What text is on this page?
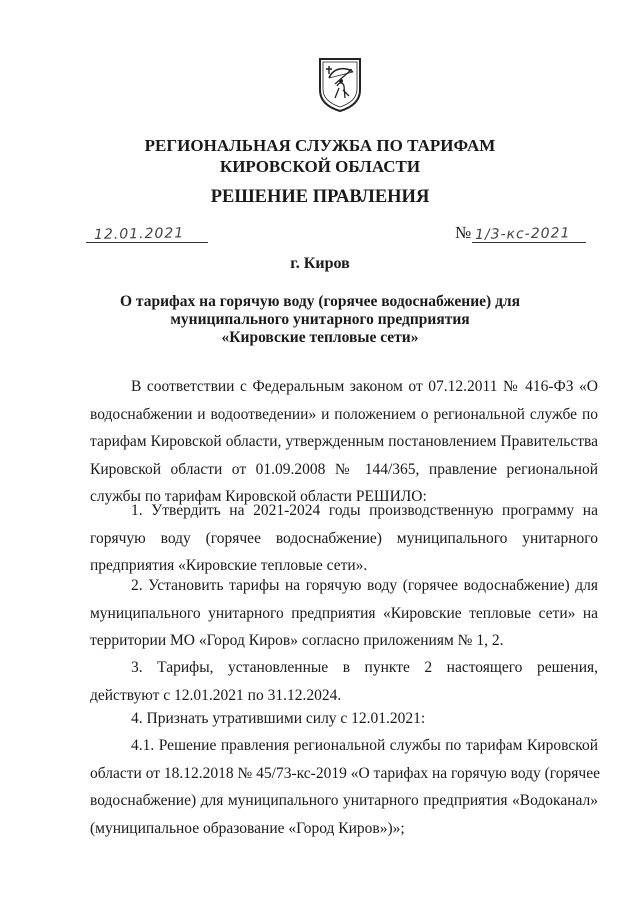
РЕГИОНАЛЬНАЯ СЛУЖБА ПО ТАРИФАМ
КИРОВСКОЙ ОБЛАСТИ
РЕШЕНИЕ ПРАВЛЕНИЯ
12.01.2021	№ 1/3-кс-2021
г. Киров
О тарифах на горячую воду (горячее водоснабжение) для
муниципального унитарного предприятия
«Кировские тепловые сети»
В соответствии с Федеральным законом от 07.12.2011 № 416-ФЗ «О
водоснабжении и водоотведении» и положением о региональной службе по
тарифам Кировской области, утвержденным постановлением Правительства
Кировской области от 01.09.2008 № 144/365, правление региональной
службы по тарифам Кировской области РЕШИЛО:
1. Утвердить на 2021-2024 годы производственную программу на
горячую воду (горячее водоснабжение) муниципального унитарного
предприятия «Кировские тепловые сети».
2. Установить тарифы на горячую воду (горячее водоснабжение) для
муниципального унитарного предприятия «Кировские тепловые сети» на
территории МО «Город Киров» согласно приложениям № 1, 2.
3. Тарифы, установленные в пункте 2 настоящего решения,
действуют с 12.01.2021 по 31.12.2024.
4. Признать утратившими силу с 12.01.2021:
4.1. Решение правления региональной службы по тарифам Кировской
области от 18.12.2018 № 45/73-кс-2019 «О тарифах на горячую воду (горячее
водоснабжение) для муниципального унитарного предприятия «Водоканал»
(муниципальное образование «Город Киров»)»;
